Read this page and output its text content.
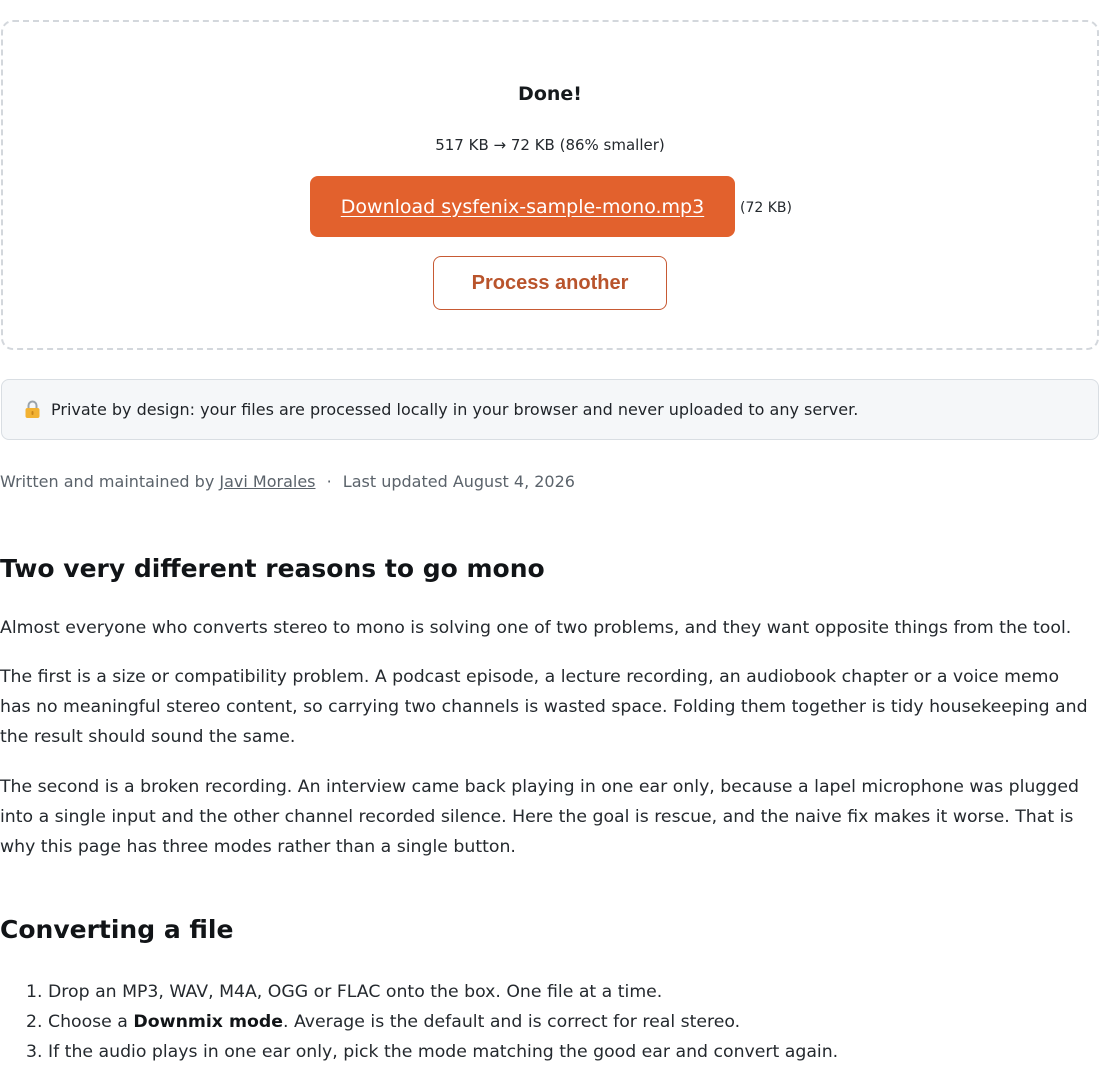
Done!
517 KB → 72 KB (86% smaller)
Download sysfenix-sample-mono.mp3	(72 KB)
Process another
Private by design: your files are processed locally in your browser and never uploaded to any server.
Written and maintained by Javi Morales · Last updated August 4, 2026
Two very different reasons to go mono

Almost everyone who converts stereo to mono is solving one of two problems, and they want opposite things from the tool.

The first is a size or compatibility problem. A podcast episode, a lecture recording, an audiobook chapter or a voice memo has no meaningful stereo content, so carrying two channels is wasted space. Folding them together is tidy housekeeping and the result should sound the same.

The second is a broken recording. An interview came back playing in one ear only, because a lapel microphone was plugged into a single input and the other channel recorded silence. Here the goal is rescue, and the naive fix makes it worse. That is why this page has three modes rather than a single button.

Converting a file
1. Drop an MP3, WAV, M4A, OGG or FLAC onto the box. One file at a time.
2. Choose a Downmix mode. Average is the default and is correct for real stereo.
3. If the audio plays in one ear only, pick the mode matching the good ear and convert again.
